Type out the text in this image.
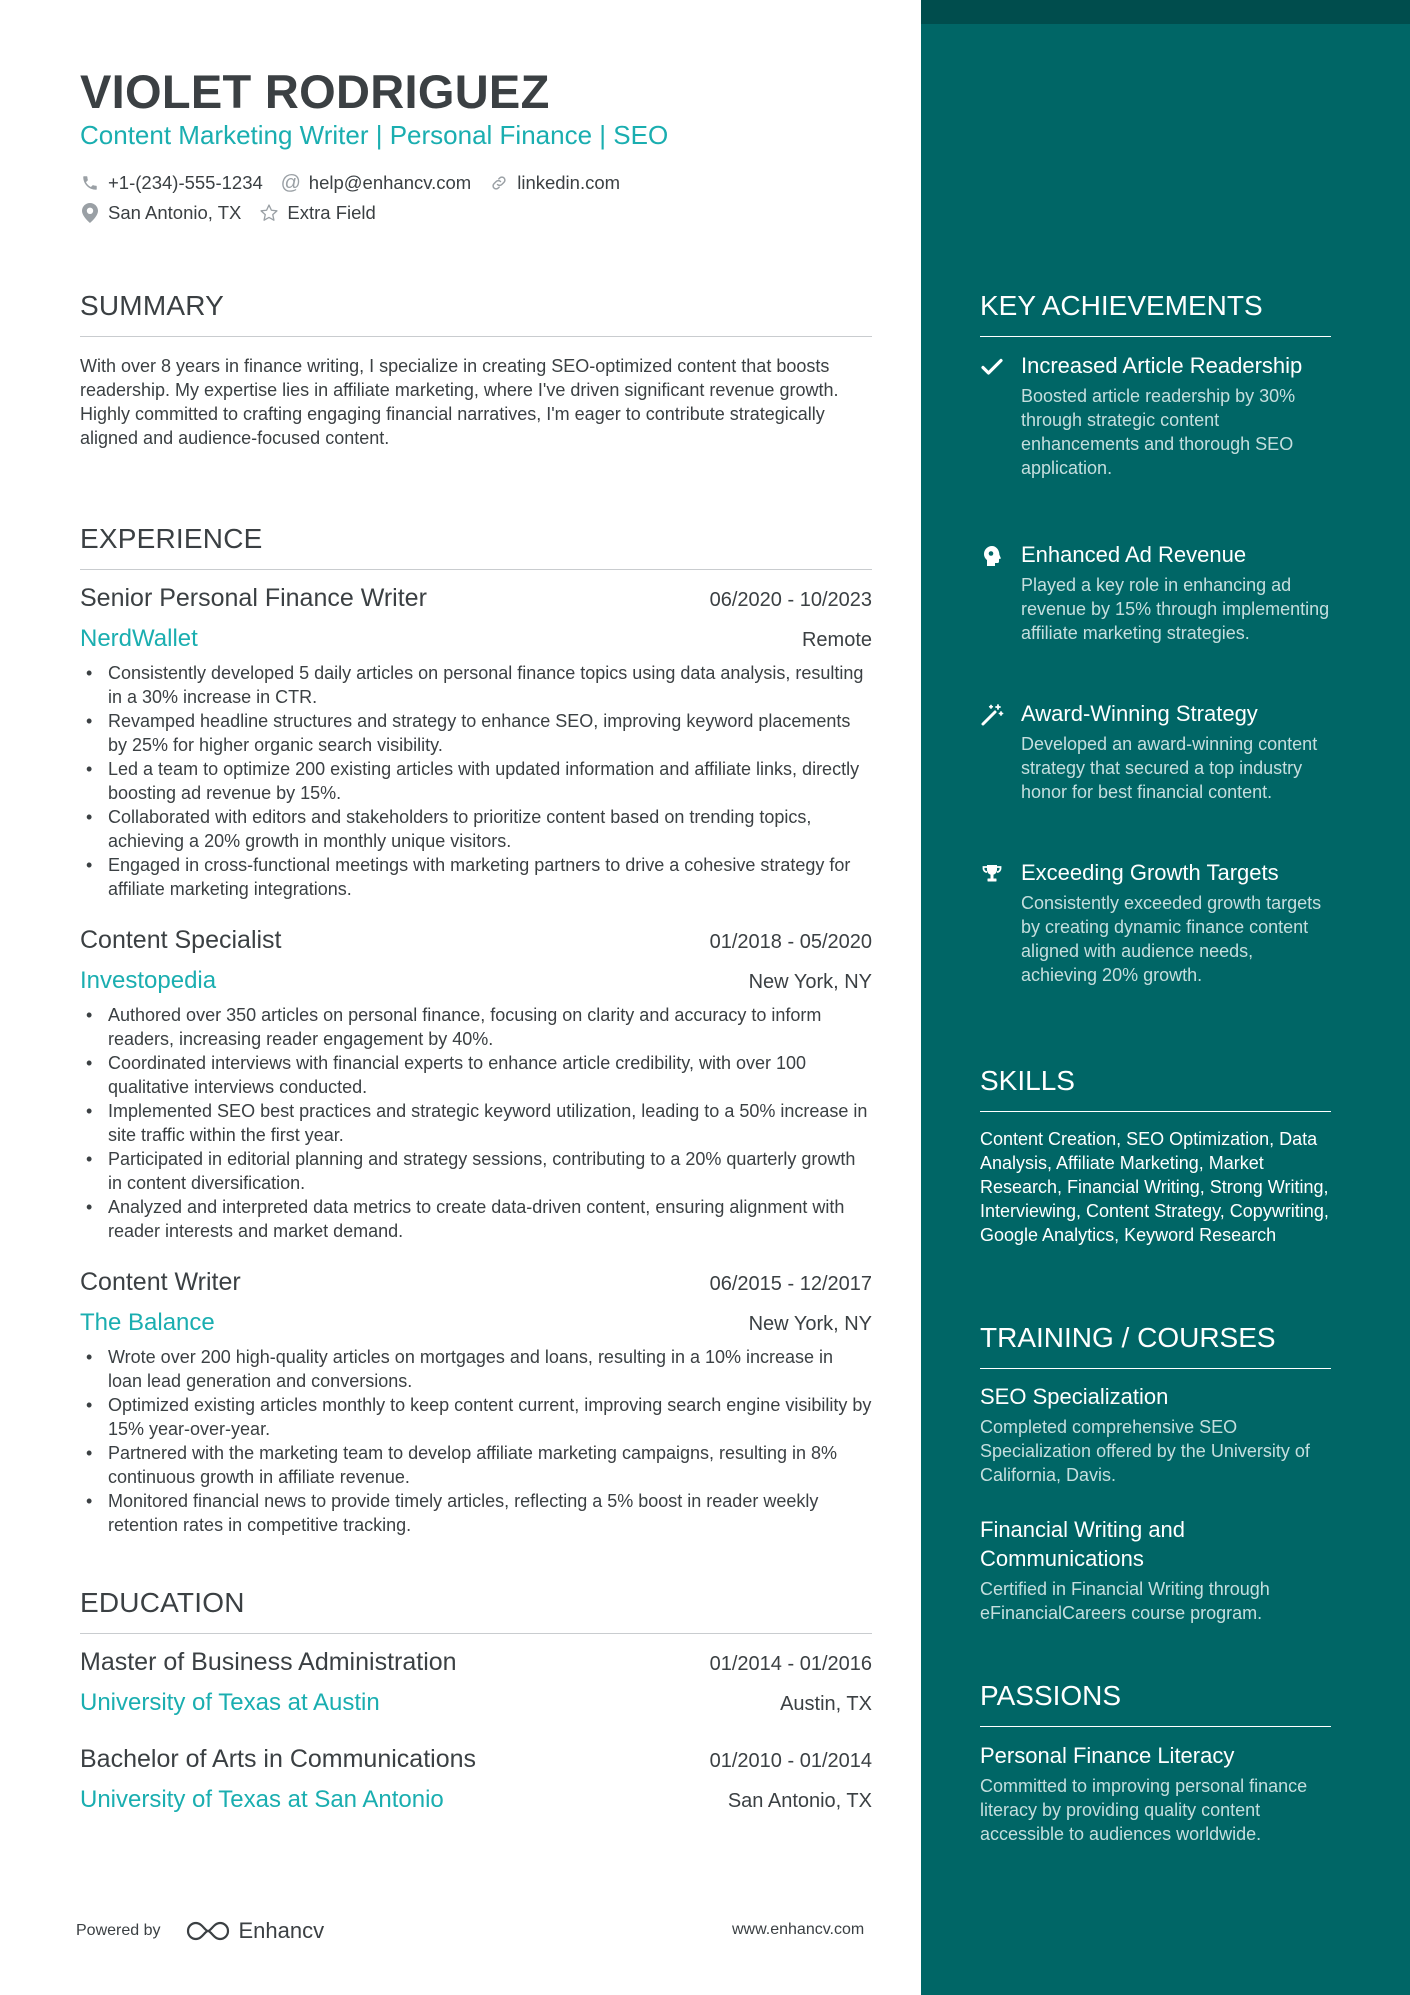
VIOLET RODRIGUEZ
Content Marketing Writer | Personal Finance | SEO
+1-(234)-555-1234 @ help@enhancv.com linkedin.com
San Antonio, TX Extra Field
SUMMARY
With over 8 years in finance writing, I specialize in creating SEO-optimized content that boosts readership. My expertise lies in affiliate marketing, where I've driven significant revenue growth. Highly committed to crafting engaging financial narratives, I'm eager to contribute strategically aligned and audience-focused content.
EXPERIENCE
Senior Personal Finance Writer	06/2020 - 10/2023
NerdWallet	Remote
• Consistently developed 5 daily articles on personal finance topics using data analysis, resulting in a 30% increase in CTR.
• Revamped headline structures and strategy to enhance SEO, improving keyword placements by 25% for higher organic search visibility.
• Led a team to optimize 200 existing articles with updated information and affiliate links, directly boosting ad revenue by 15%.
• Collaborated with editors and stakeholders to prioritize content based on trending topics, achieving a 20% growth in monthly unique visitors.
• Engaged in cross-functional meetings with marketing partners to drive a cohesive strategy for affiliate marketing integrations.
Content Specialist	01/2018 - 05/2020
Investopedia	New York, NY
• Authored over 350 articles on personal finance, focusing on clarity and accuracy to inform readers, increasing reader engagement by 40%.
• Coordinated interviews with financial experts to enhance article credibility, with over 100 qualitative interviews conducted.
• Implemented SEO best practices and strategic keyword utilization, leading to a 50% increase in site traffic within the first year.
• Participated in editorial planning and strategy sessions, contributing to a 20% quarterly growth in content diversification.
• Analyzed and interpreted data metrics to create data-driven content, ensuring alignment with reader interests and market demand.
Content Writer	06/2015 - 12/2017
The Balance	New York, NY
• Wrote over 200 high-quality articles on mortgages and loans, resulting in a 10% increase in loan lead generation and conversions.
• Optimized existing articles monthly to keep content current, improving search engine visibility by 15% year-over-year.
• Partnered with the marketing team to develop affiliate marketing campaigns, resulting in 8% continuous growth in affiliate revenue.
• Monitored financial news to provide timely articles, reflecting a 5% boost in reader weekly retention rates in competitive tracking.
EDUCATION
Master of Business Administration	01/2014 - 01/2016
University of Texas at Austin	Austin, TX
Bachelor of Arts in Communications	01/2010 - 01/2014
University of Texas at San Antonio	San Antonio, TX
Powered by	Enhancv	www.enhancv.com
KEY ACHIEVEMENTS
Increased Article Readership
Boosted article readership by 30% through strategic content enhancements and thorough SEO application.
Enhanced Ad Revenue
Played a key role in enhancing ad revenue by 15% through implementing affiliate marketing strategies.
Award-Winning Strategy
Developed an award-winning content strategy that secured a top industry honor for best financial content.
Exceeding Growth Targets
Consistently exceeded growth targets by creating dynamic finance content aligned with audience needs, achieving 20% growth.
SKILLS
Content Creation, SEO Optimization, Data Analysis, Affiliate Marketing, Market Research, Financial Writing, Strong Writing, Interviewing, Content Strategy, Copywriting, Google Analytics, Keyword Research
TRAINING / COURSES
SEO Specialization
Completed comprehensive SEO Specialization offered by the University of California, Davis.
Financial Writing and Communications
Certified in Financial Writing through eFinancialCareers course program.
PASSIONS
Personal Finance Literacy
Committed to improving personal finance literacy by providing quality content accessible to audiences worldwide.
